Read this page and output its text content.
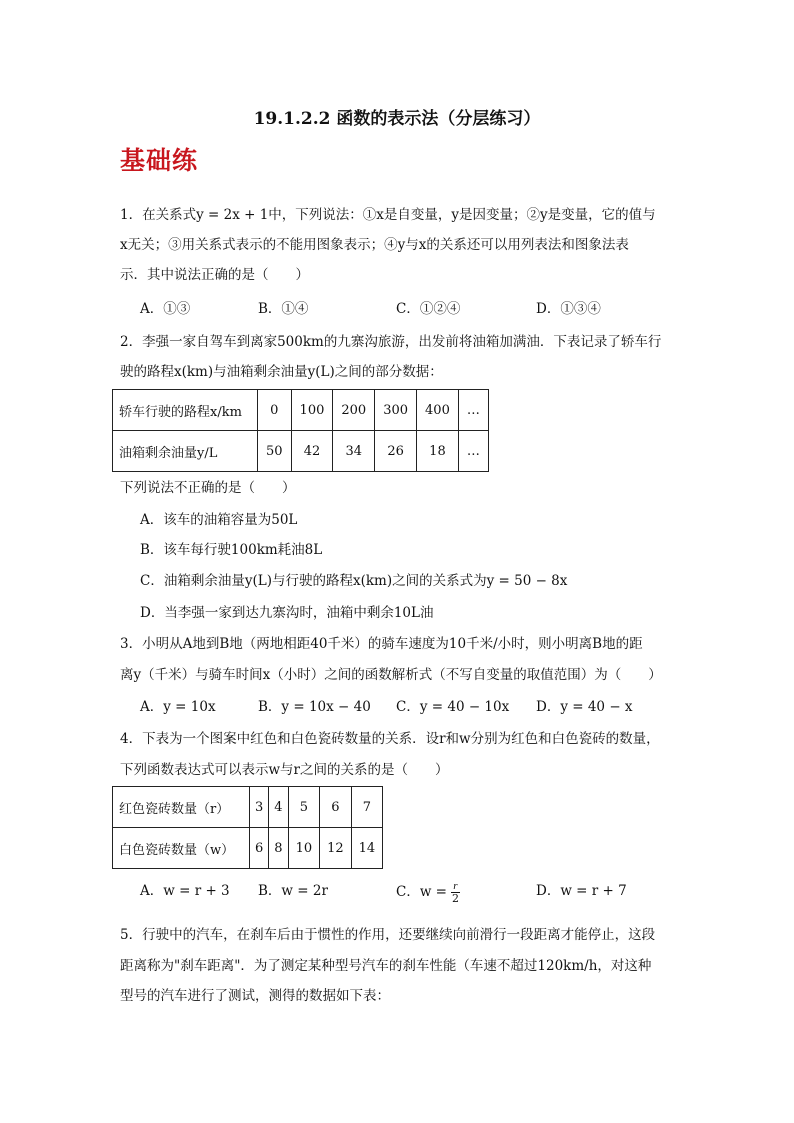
19.1.2.2 函数的表示法（分层练习）
基础练
1．在关系式y = 2x + 1中，下列说法：①x是自变量，y是因变量；②y是变量，它的值与
x无关；③用关系式表示的不能用图象表示；④y与x的关系还可以用列表法和图象法表
示．其中说法正确的是（　　）
A．①③	B．①④	C．①②④	D．①③④
2．李强一家自驾车到离家500km的九寨沟旅游，出发前将油箱加满油．下表记录了轿车行
驶的路程x(km)与油箱剩余油量y(L)之间的部分数据：
轿车行驶的路程x/km	0	100	200	300	400	…
油箱剩余油量y/L	50	42	34	26	18	…
下列说法不正确的是（　　）
A．该车的油箱容量为50L
B．该车每行驶100km耗油8L
C．油箱剩余油量y(L)与行驶的路程x(km)之间的关系式为y = 50 − 8x
D．当李强一家到达九寨沟时，油箱中剩余10L油
3．小明从A地到B地（两地相距40千米）的骑车速度为10千米/小时，则小明离B地的距
离y（千米）与骑车时间x（小时）之间的函数解析式（不写自变量的取值范围）为（　　）
A．y = 10x	B．y = 10x − 40 C．y = 40 − 10x D．y = 40 − x
4．下表为一个图案中红色和白色瓷砖数量的关系．设r和w分别为红色和白色瓷砖的数量，
下列函数表达式可以表示w与r之间的关系的是（　　）
红色瓷砖数量（r）	3	4	5	6	7
白色瓷砖数量（w）	6	8	10	12	14
A．w = r + 3 B．w = 2r	C．$w = \frac{r}{2}$	D．w = r + 7
5．行驶中的汽车，在刹车后由于惯性的作用，还要继续向前滑行一段距离才能停止，这段
距离称为"刹车距离"．为了测定某种型号汽车的刹车性能（车速不超过120km/h，对这种
型号的汽车进行了测试，测得的数据如下表：
